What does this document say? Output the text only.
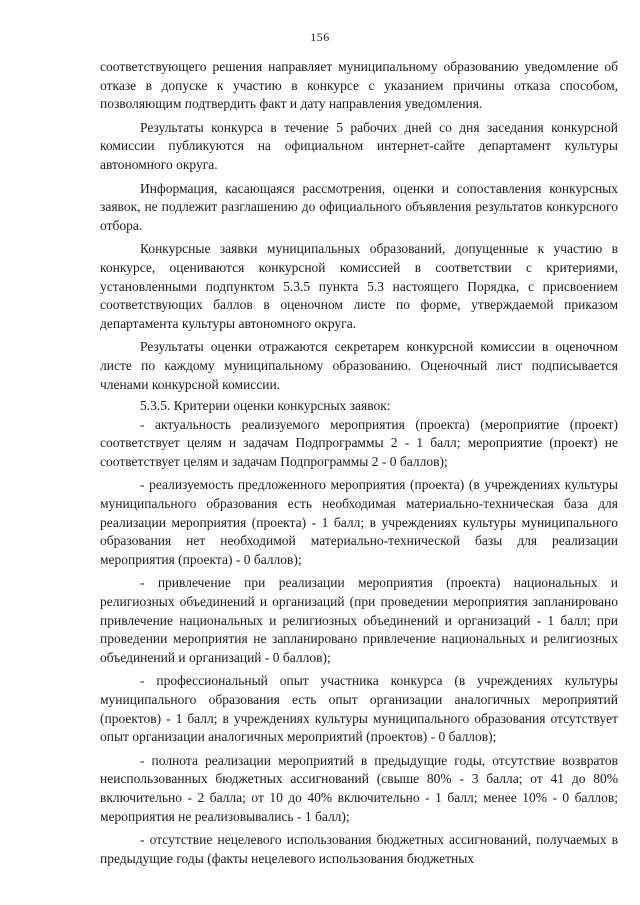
156

соответствующего решения направляет муниципальному образованию уведомление об отказе в допуске к участию в конкурсе с указанием причины отказа способом, позволяющим подтвердить факт и дату направления уведомления.

Результаты конкурса в течение 5 рабочих дней со дня заседания конкурсной комиссии публикуются на официальном интернет-сайте департамент культуры автономного округа.

Информация, касающаяся рассмотрения, оценки и сопоставления конкурсных заявок, не подлежит разглашению до официального объявления результатов конкурсного отбора.

Конкурсные заявки муниципальных образований, допущенные к участию в конкурсе, оцениваются конкурсной комиссией в соответствии с критериями, установленными подпунктом 5.3.5 пункта 5.3 настоящего Порядка, с присвоением соответствующих баллов в оценочном листе по форме, утверждаемой приказом департамента культуры автономного округа.

Результаты оценки отражаются секретарем конкурсной комиссии в оценочном листе по каждому муниципальному образованию. Оценочный лист подписывается членами конкурсной комиссии.

5.3.5. Критерии оценки конкурсных заявок:

- актуальность реализуемого мероприятия (проекта) (мероприятие (проект) соответствует целям и задачам Подпрограммы 2 - 1 балл; мероприятие (проект) не соответствует целям и задачам Подпрограммы 2 - 0 баллов);

- реализуемость предложенного мероприятия (проекта) (в учреждениях культуры муниципального образования есть необходимая материально-техническая база для реализации мероприятия (проекта) - 1 балл; в учреждениях культуры муниципального образования нет необходимой материально-технической базы для реализации мероприятия (проекта) - 0 баллов);

- привлечение при реализации мероприятия (проекта) национальных и религиозных объединений и организаций (при проведении мероприятия запланировано привлечение национальных и религиозных объединений и организаций - 1 балл; при проведении мероприятия не запланировано привлечение национальных и религиозных объединений и организаций - 0 баллов);

- профессиональный опыт участника конкурса (в учреждениях культуры муниципального образования есть опыт организации аналогичных мероприятий (проектов) - 1 балл; в учреждениях культуры муниципального образования отсутствует опыт организации аналогичных мероприятий (проектов) - 0 баллов);

- полнота реализации мероприятий в предыдущие годы, отсутствие возвратов неиспользованных бюджетных ассигнований (свыше 80% - 3 балла; от 41 до 80% включительно - 2 балла; от 10 до 40% включительно - 1 балл; менее 10% - 0 баллов; мероприятия не реализовывались - 1 балл);

- отсутствие нецелевого использования бюджетных ассигнований, получаемых в предыдущие годы (факты нецелевого использования бюджетных
